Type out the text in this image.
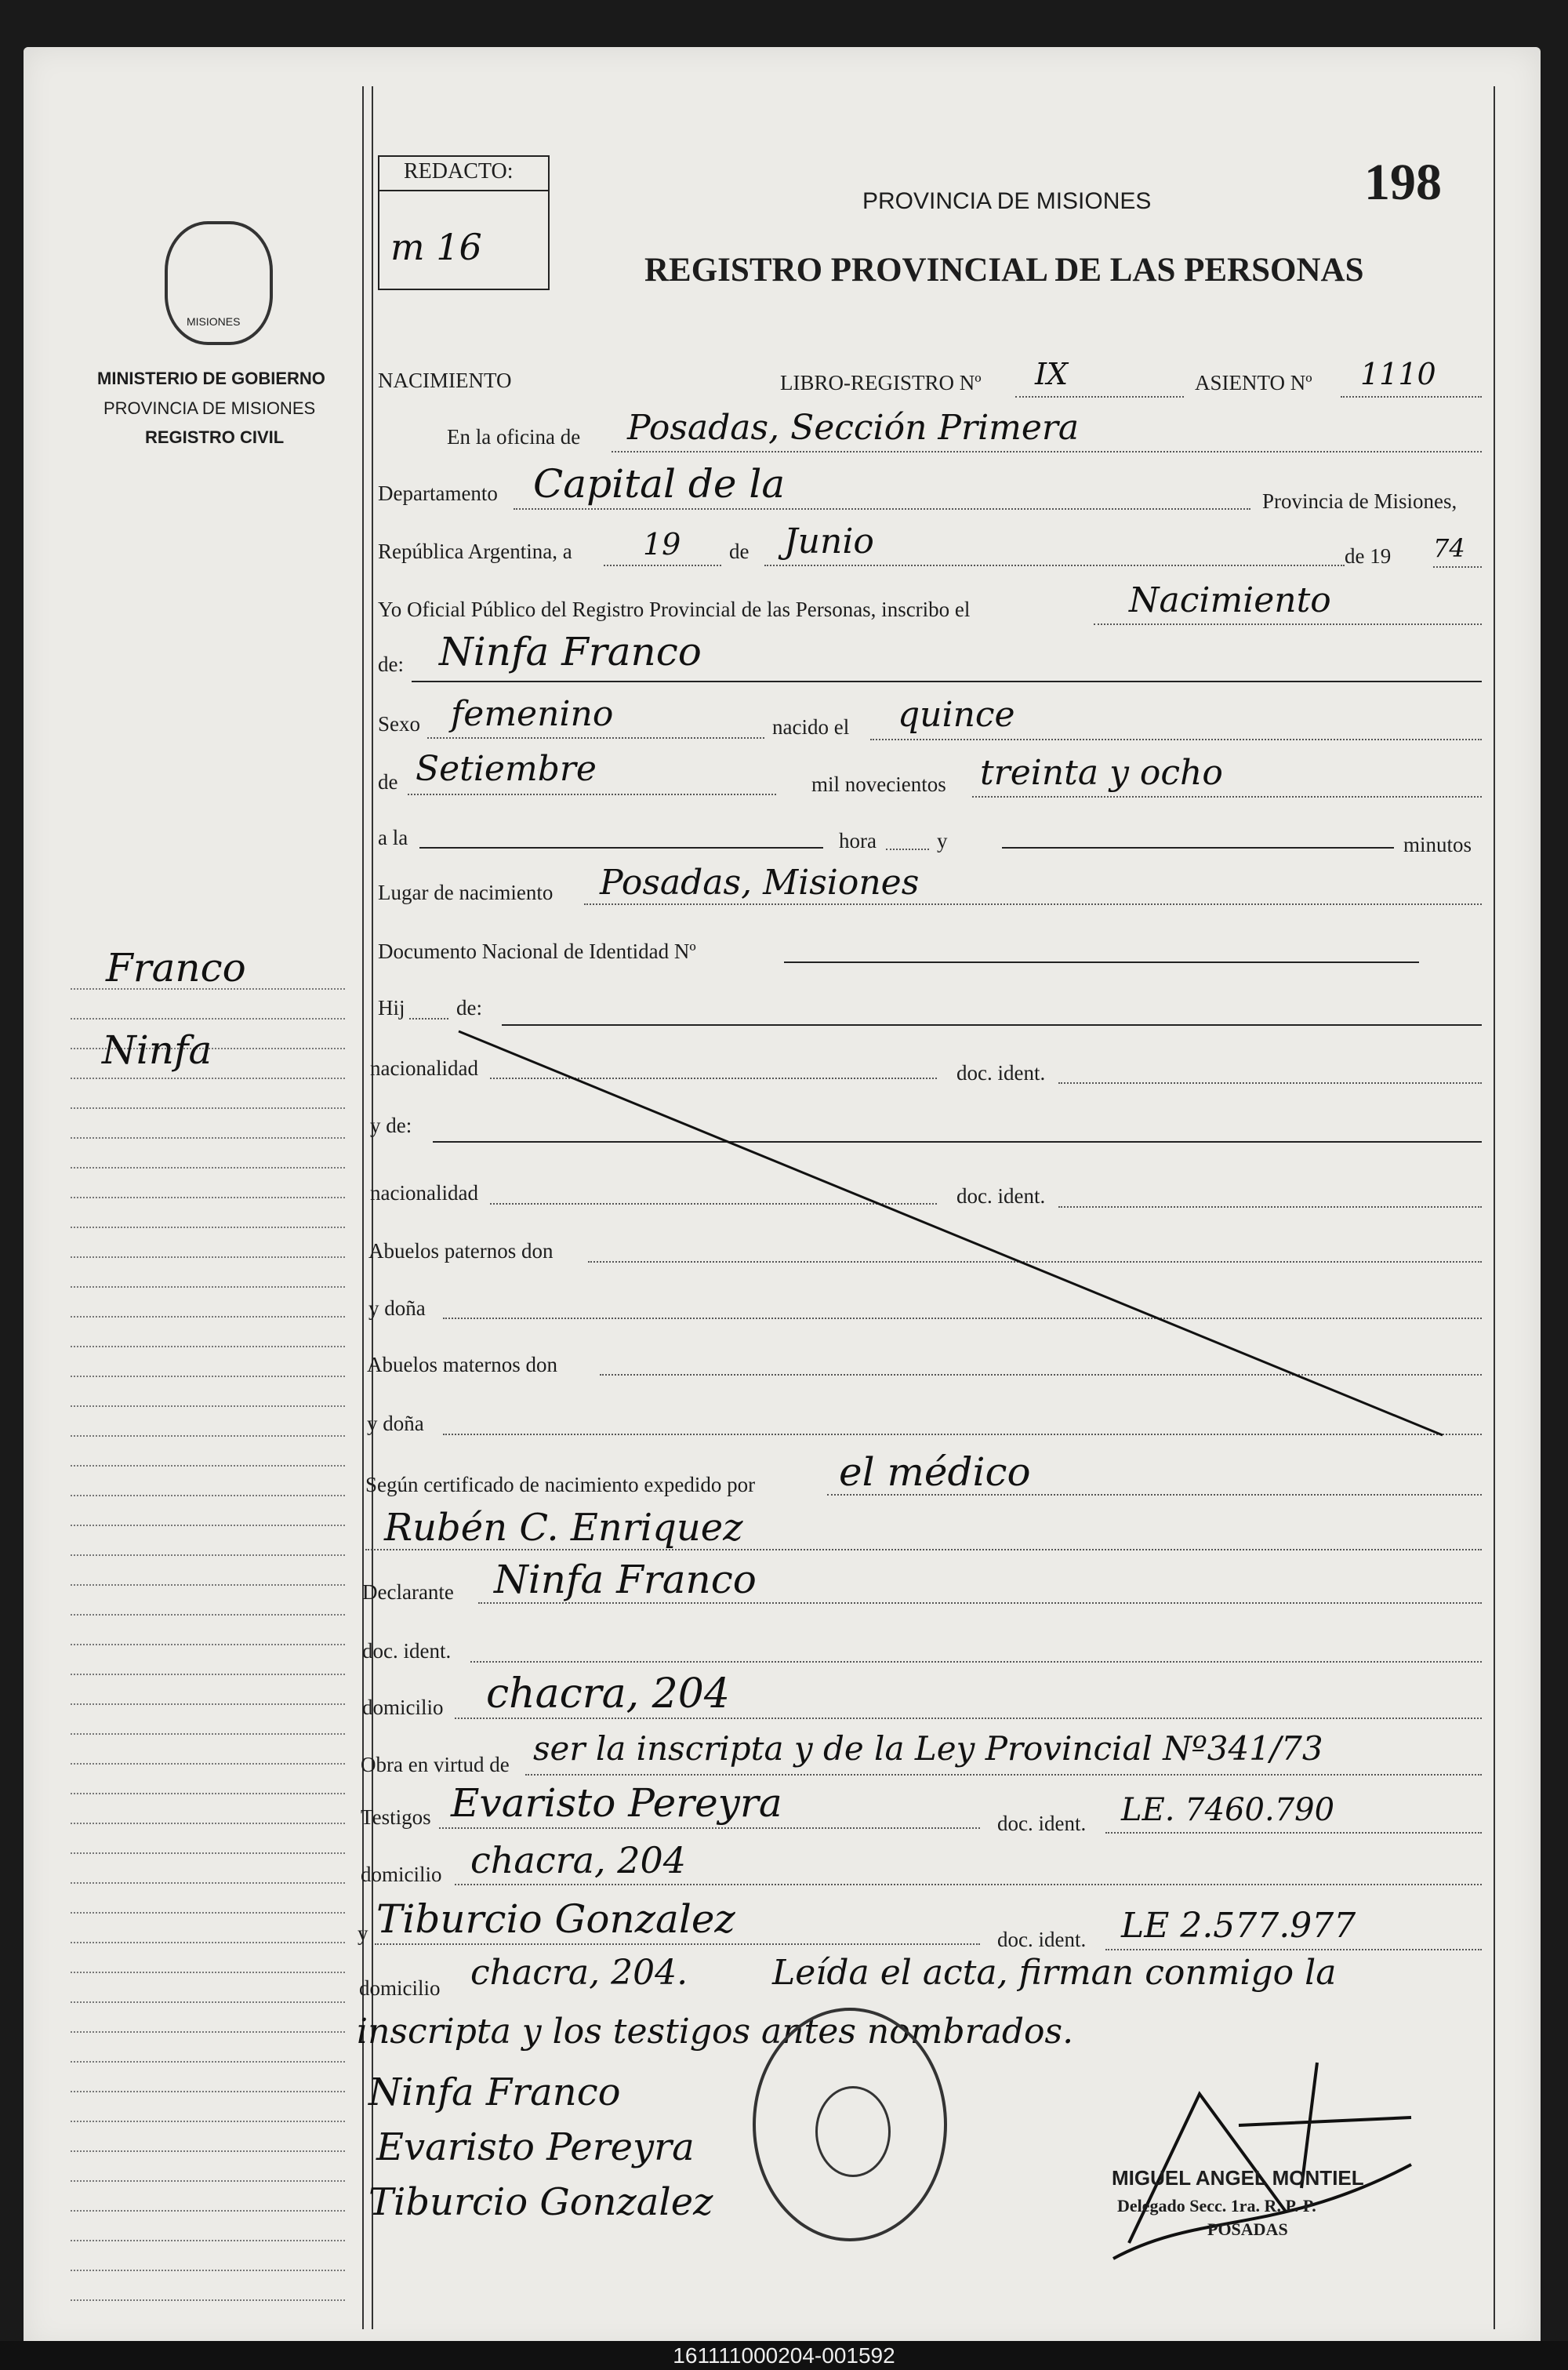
REDACTO:
m 16
198
PROVINCIA DE MISIONES
REGISTRO PROVINCIAL DE LAS PERSONAS
MISIONES
MINISTERIO DE GOBIERNO
PROVINCIA DE MISIONES
REGISTRO CIVIL
Franco
Ninfa
NACIMIENTO	LIBRO-REGISTRO Nº IX	ASIENTO Nº 1110
En la oficina de Posadas, Sección Primera
Departamento Capital de la	Provincia de Misiones,
República Argentina, a 19 de Junio	de 19 74
Yo Oficial Público del Registro Provincial de las Personas, inscribo el	Nacimiento
de: Ninfa Franco
Sexo femenino	nacido el quince
de Setiembre	mil novecientos treinta y ocho
a la	hora	y	minutos
Lugar de nacimiento Posadas, Misiones
Documento Nacional de Identidad Nº
Hij de:
nacionalidad	doc. ident.
y de:
nacionalidad	doc. ident.
Abuelos paternos don
y doña
Abuelos maternos don
y doña
Según certificado de nacimiento expedido por el médico
Rubén C. Enriquez
Declarante Ninfa Franco
doc. ident.
domicilio chacra, 204
Obra en virtud de ser la inscripta y de la Ley Provincial Nº341/73
Testigos Evaristo Pereyra	doc. ident. LE. 7460.790
domicilio chacra, 204
y Tiburcio Gonzalez	doc. ident. LE 2.577.977
domicilio chacra, 204. Leída el acta, firman conmigo la
inscripta y los testigos antes nombrados.
Ninfa Franco
Evaristo Pereyra
Tiburcio Gonzalez
MIGUEL ANGEL MONTIEL
Delegado Secc. 1ra. R. P. P.
POSADAS
161111000204-001592
